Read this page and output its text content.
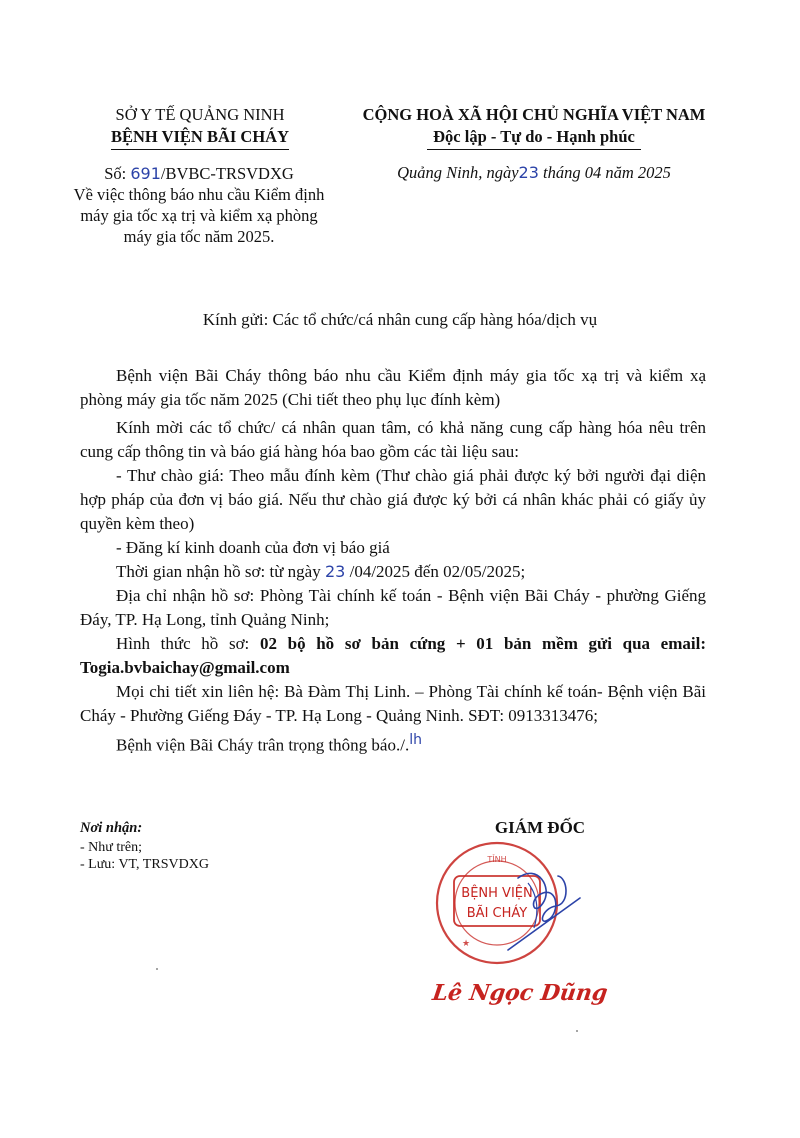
SỞ Y TẾ QUẢNG NINH
BỆNH VIỆN BÃI CHÁY
CỘNG HOÀ XÃ HỘI CHỦ NGHĨA VIỆT NAM
Độc lập - Tự do - Hạnh phúc
Số: 691/BVBC-TRSVDXG
Về việc thông báo nhu cầu Kiểm định máy gia tốc xạ trị và kiểm xạ phòng máy gia tốc năm 2025.
Quảng Ninh, ngày23 tháng 04 năm 2025
Kính gửi: Các tổ chức/cá nhân cung cấp hàng hóa/dịch vụ

Bệnh viện Bãi Cháy thông báo nhu cầu Kiểm định máy gia tốc xạ trị và kiểm xạ phòng máy gia tốc năm 2025 (Chi tiết theo phụ lục đính kèm)

Kính mời các tổ chức/ cá nhân quan tâm, có khả năng cung cấp hàng hóa nêu trên cung cấp thông tin và báo giá hàng hóa bao gồm các tài liệu sau:

- Thư chào giá: Theo mẫu đính kèm (Thư chào giá phải được ký bởi người đại diện hợp pháp của đơn vị báo giá. Nếu thư chào giá được ký bởi cá nhân khác phải có giấy ủy quyền kèm theo)

- Đăng kí kinh doanh của đơn vị báo giá

Thời gian nhận hồ sơ: từ ngày 23 /04/2025 đến 02/05/2025;

Địa chỉ nhận hồ sơ: Phòng Tài chính kế toán - Bệnh viện Bãi Cháy - phường Giếng Đáy, TP. Hạ Long, tỉnh Quảng Ninh;

Hình thức hồ sơ: 02 bộ hồ sơ bản cứng + 01 bản mềm gửi qua email: Togia.bvbaichay@gmail.com

Mọi chi tiết xin liên hệ: Bà Đàm Thị Linh. – Phòng Tài chính kế toán- Bệnh viện Bãi Cháy - Phường Giếng Đáy - TP. Hạ Long - Quảng Ninh. SĐT: 0913313476;

Bệnh viện Bãi Cháy trân trọng thông báo./.$^{lh}$

Nơi nhận:
- Như trên;
- Lưu: VT, TRSVDXG
GIÁM ĐỐC
TỈNH
BỆNH VIỆN
BÃI CHÁY
★
Lê Ngọc Dũng
